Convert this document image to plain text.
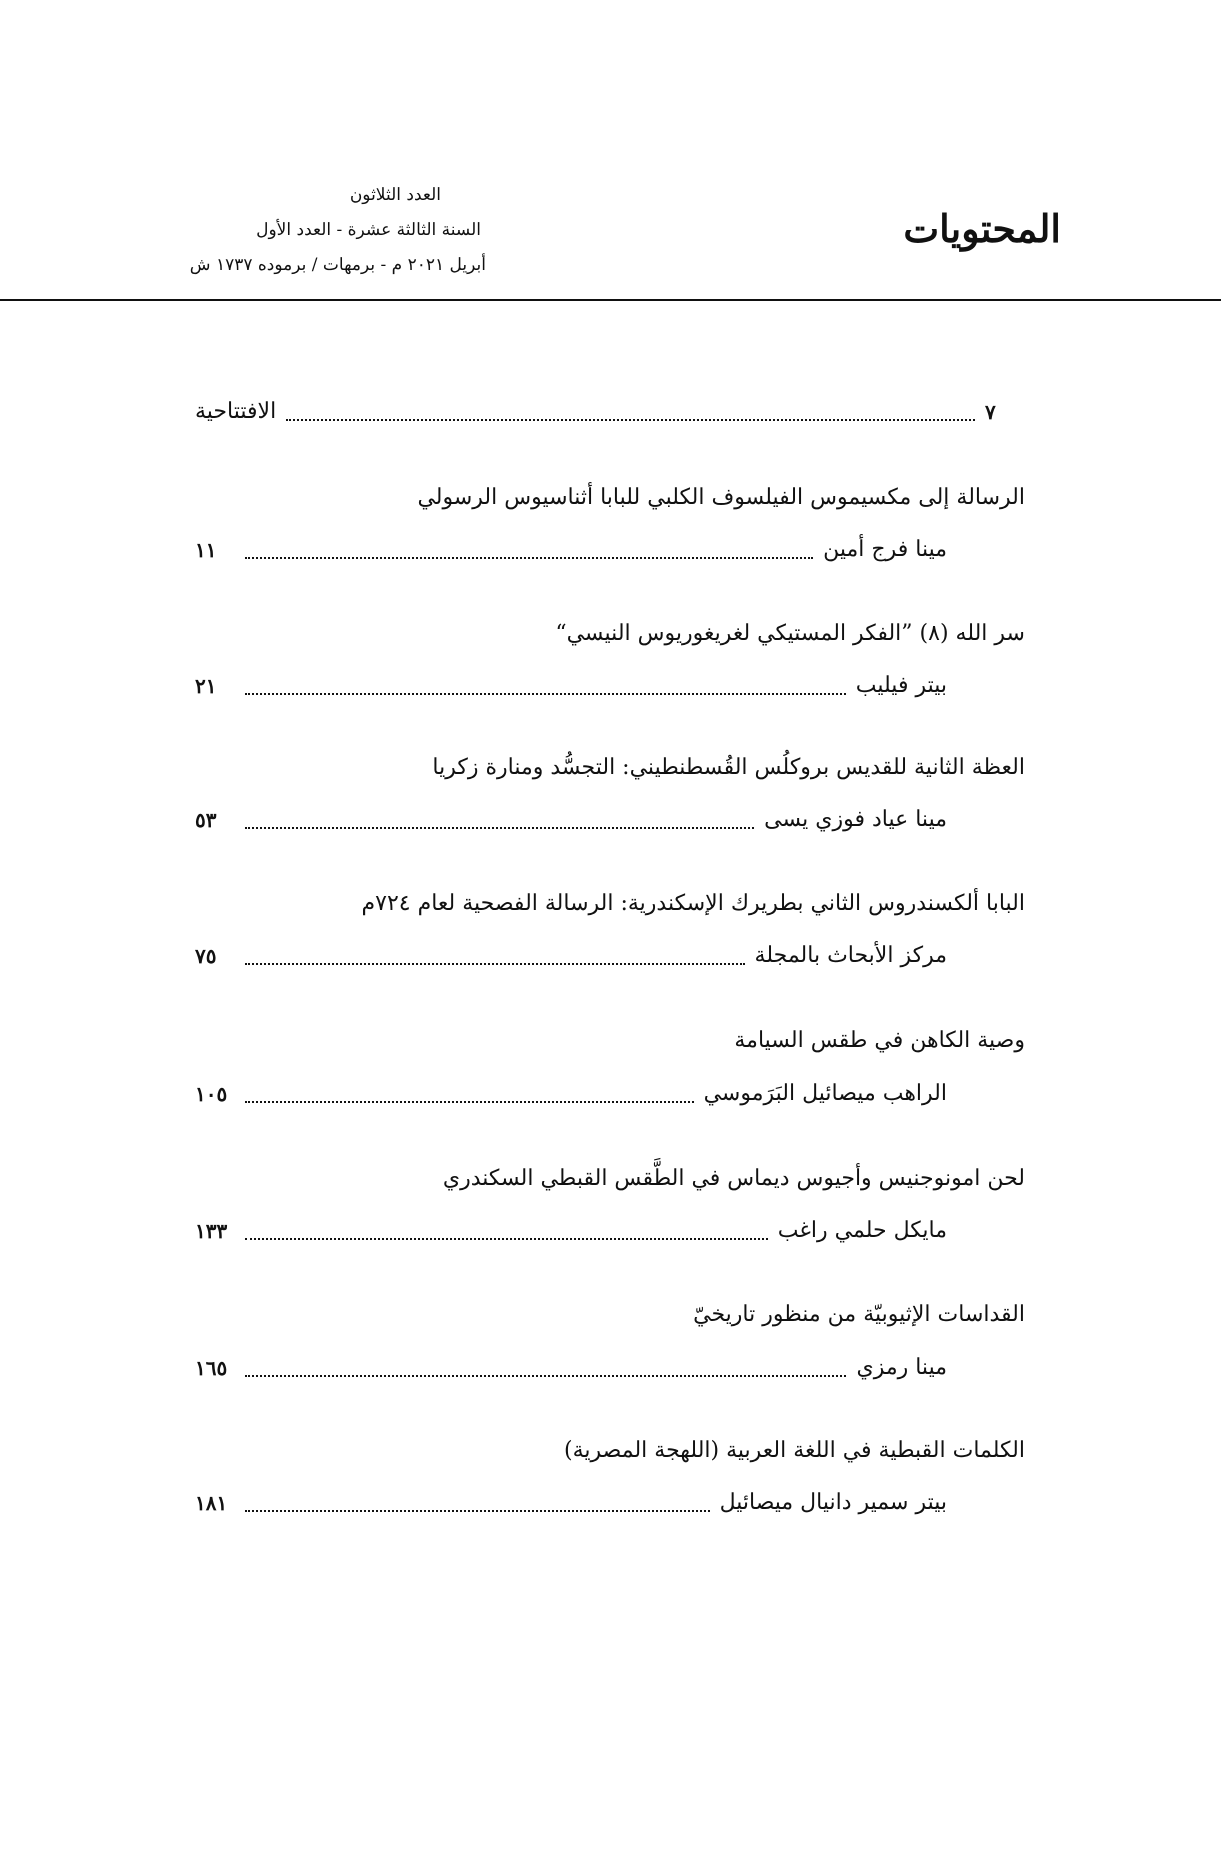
المحتويات
العدد الثلاثون
السنة الثالثة عشرة - العدد الأول
أبريل ٢٠٢١ م - برمهات / برموده ١٧٣٧ ش
الافتتاحية	٧
الرسالة إلى مكسيموس الفيلسوف الكلبي للبابا أثناسيوس الرسولي
مينا فرج أمين
١١
سر الله (٨) ”الفكر المستيكي لغريغوريوس النيسي“
بيتر فيليب
٢١
العظة الثانية للقديس بروكلُس القُسطنطيني: التجسُّد ومنارة زكريا
مينا عياد فوزي يسى
٥٣
البابا ألكسندروس الثاني بطريرك الإسكندرية: الرسالة الفصحية لعام ٧٢٤م
مركز الأبحاث بالمجلة
٧٥
وصية الكاهن في طقس السيامة
الراهب ميصائيل البَرَموسي
١٠٥
لحن امونوجنيس وأجيوس ديماس في الطَّقس القبطي السكندري
مايكل حلمي راغب
١٣٣
القداسات الإثيوبيّة من منظور تاريخيّ
مينا رمزي
١٦٥
الكلمات القبطية في اللغة العربية (اللهجة المصرية)
بيتر سمير دانيال ميصائيل
١٨١
